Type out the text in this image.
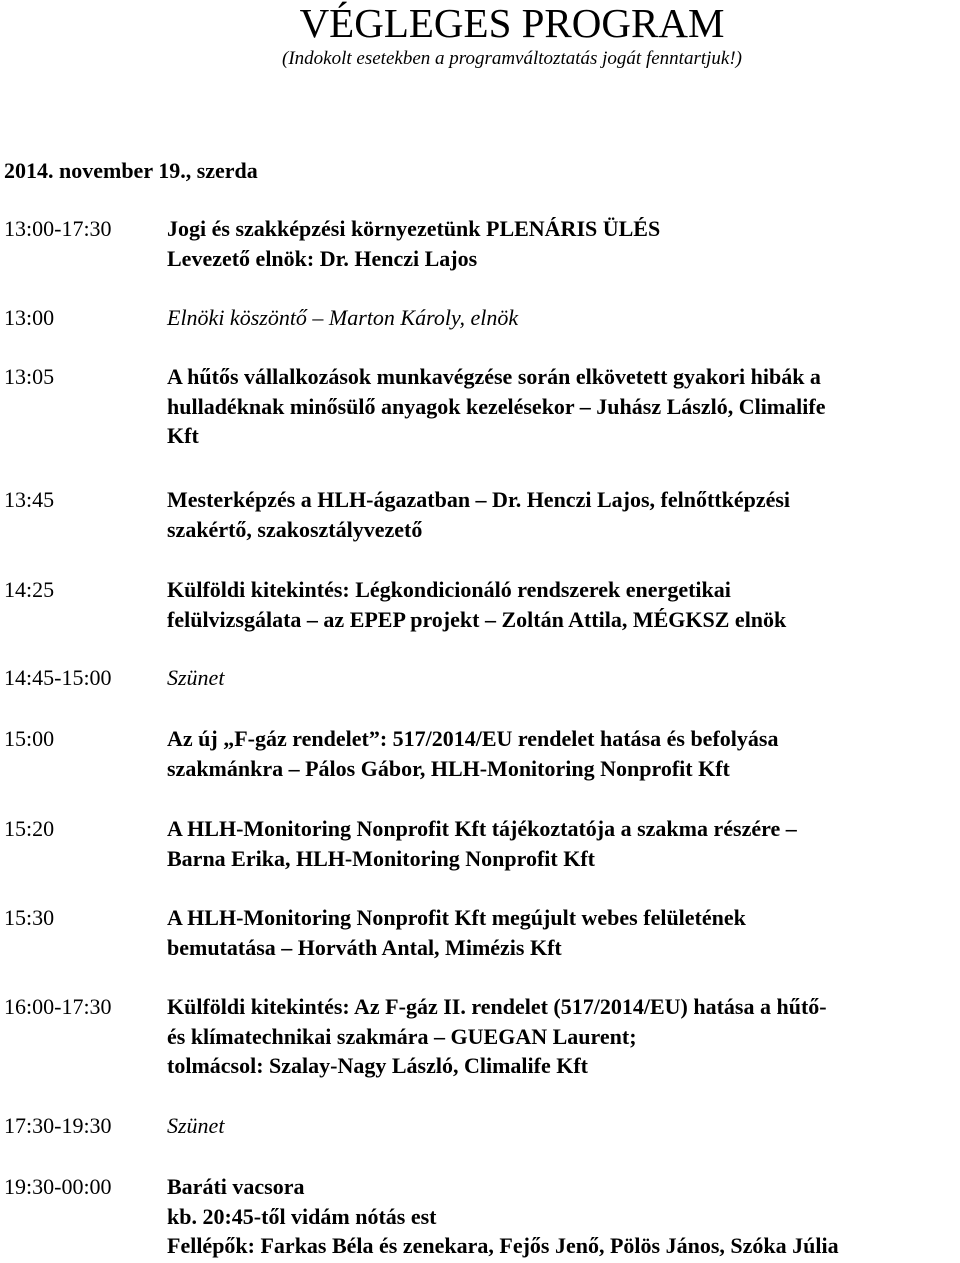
VÉGLEGES PROGRAM
(Indokolt esetekben a programváltoztatás jogát fenntartjuk!)
2014. november 19., szerda
13:00-17:30	Jogi és szakképzési környezetünk PLENÁRIS ÜLÉS
Levezető elnök: Dr. Henczi Lajos
13:00	Elnöki köszöntő – Marton Károly, elnök
13:05	A hűtős vállalkozások munkavégzése során elkövetett gyakori hibák a
hulladéknak minősülő anyagok kezelésekor – Juhász László, Climalife
Kft
13:45	Mesterképzés a HLH-ágazatban – Dr. Henczi Lajos, felnőttképzési
szakértő, szakosztályvezető
14:25	Külföldi kitekintés: Légkondicionáló rendszerek energetikai
felülvizsgálata – az EPEP projekt – Zoltán Attila, MÉGKSZ elnök
14:45-15:00	Szünet
15:00	Az új „F-gáz rendelet”: 517/2014/EU rendelet hatása és befolyása
szakmánkra – Pálos Gábor, HLH-Monitoring Nonprofit Kft
15:20	A HLH-Monitoring Nonprofit Kft tájékoztatója a szakma részére –
Barna Erika, HLH-Monitoring Nonprofit Kft
15:30	A HLH-Monitoring Nonprofit Kft megújult webes felületének
bemutatása – Horváth Antal, Mimézis Kft
16:00-17:30	Külföldi kitekintés: Az F-gáz II. rendelet (517/2014/EU) hatása a hűtő-
és klímatechnikai szakmára – GUEGAN Laurent;
tolmácsol: Szalay-Nagy László, Climalife Kft
17:30-19:30	Szünet
19:30-00:00	Baráti vacsora
kb. 20:45-től vidám nótás est
Fellépők: Farkas Béla és zenekara, Fejős Jenő, Pölös János, Szóka Júlia
